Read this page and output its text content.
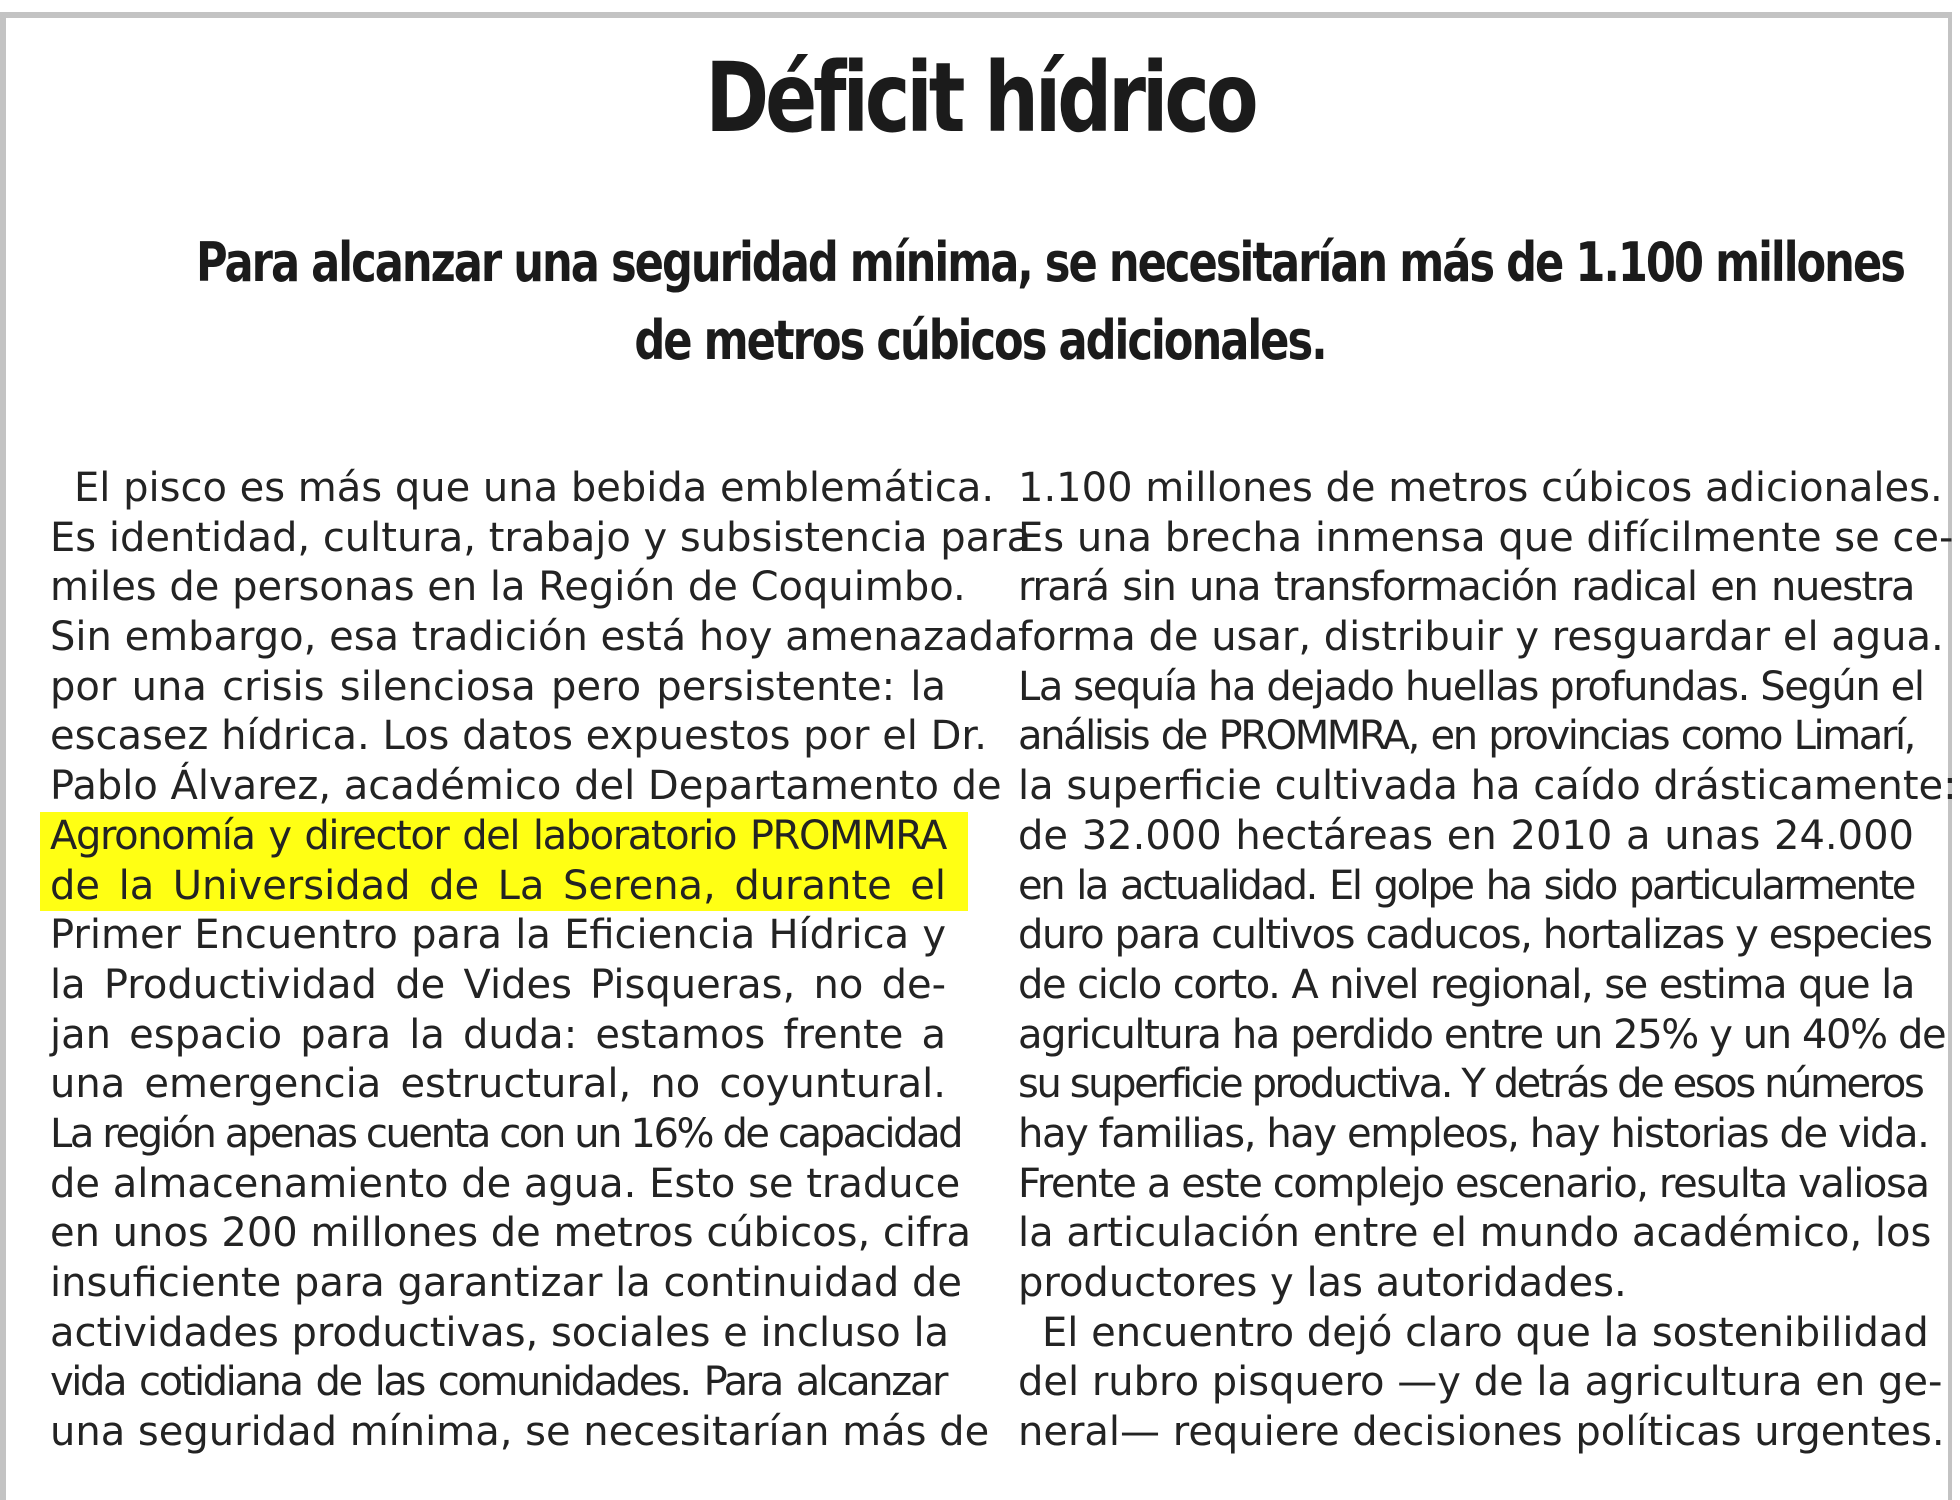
Déficit hídrico
Para alcanzar una seguridad mínima, se necesitarían más de 1.100 millones
de metros cúbicos adicionales.
El pisco es más que una bebida emblemática.
Es identidad, cultura, trabajo y subsistencia para
miles de personas en la Región de Coquimbo.
Sin embargo, esa tradición está hoy amenazada
por una crisis silenciosa pero persistente: la
escasez hídrica. Los datos expuestos por el Dr.
Pablo Álvarez, académico del Departamento de
Agronomía y director del laboratorio PROMMRA
de la Universidad de La Serena, durante el
Primer Encuentro para la Eficiencia Hídrica y
la Productividad de Vides Pisqueras, no de-
jan espacio para la duda: estamos frente a
una emergencia estructural, no coyuntural.
La región apenas cuenta con un 16% de capacidad
de almacenamiento de agua. Esto se traduce
en unos 200 millones de metros cúbicos, cifra
insuficiente para garantizar la continuidad de
actividades productivas, sociales e incluso la
vida cotidiana de las comunidades. Para alcanzar
una seguridad mínima, se necesitarían más de
1.100 millones de metros cúbicos adicionales.
Es una brecha inmensa que difícilmente se ce-
rrará sin una transformación radical en nuestra
forma de usar, distribuir y resguardar el agua.
La sequía ha dejado huellas profundas. Según el
análisis de PROMMRA, en provincias como Limarí,
la superficie cultivada ha caído drásticamente:
de 32.000 hectáreas en 2010 a unas 24.000
en la actualidad. El golpe ha sido particularmente
duro para cultivos caducos, hortalizas y especies
de ciclo corto. A nivel regional, se estima que la
agricultura ha perdido entre un 25% y un 40% de
su superficie productiva. Y detrás de esos números
hay familias, hay empleos, hay historias de vida.
Frente a este complejo escenario, resulta valiosa
la articulación entre el mundo académico, los
productores y las autoridades.
El encuentro dejó claro que la sostenibilidad
del rubro pisquero —y de la agricultura en ge-
neral— requiere decisiones políticas urgentes.
